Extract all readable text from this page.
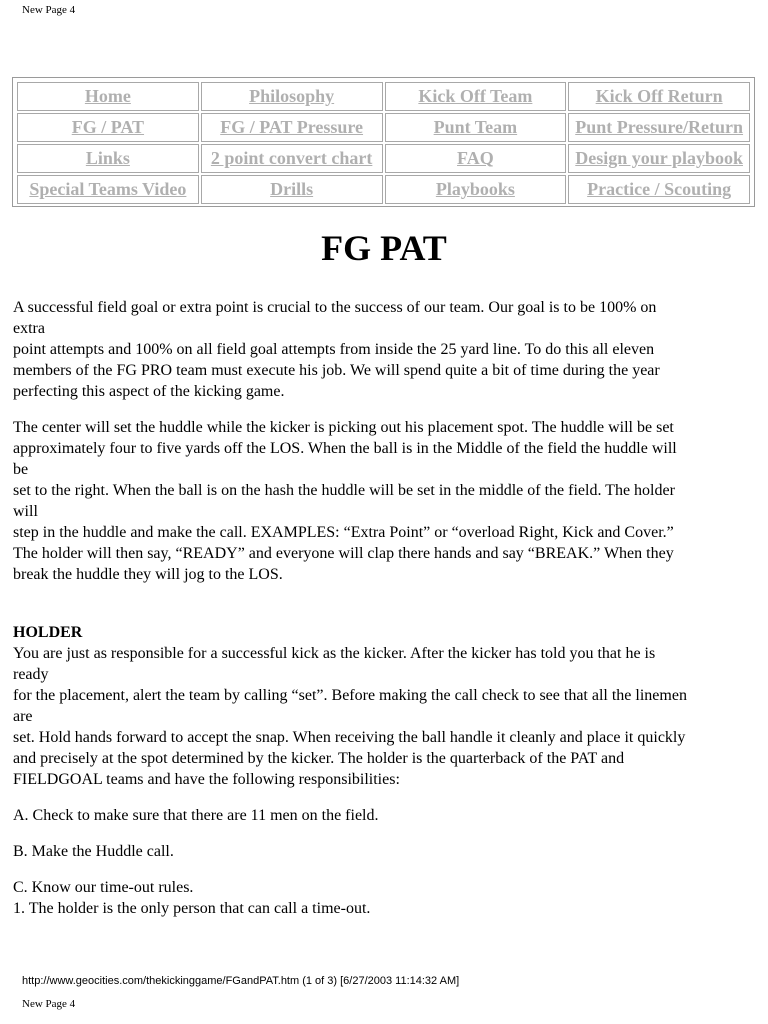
New Page 4
Home	Philosophy	Kick Off Team	Kick Off Return
FG / PAT	FG / PAT Pressure	Punt Team	Punt Pressure/Return
Links	2 point convert chart	FAQ	Design your playbook
Special Teams Video	Drills	Playbooks	Practice / Scouting
FG PAT

A successful field goal or extra point is crucial to the success of our team. Our goal is to be 100% on
extra
point attempts and 100% on all field goal attempts from inside the 25 yard line. To do this all eleven
members of the FG PRO team must execute his job. We will spend quite a bit of time during the year
perfecting this aspect of the kicking game.

The center will set the huddle while the kicker is picking out his placement spot. The huddle will be set
approximately four to five yards off the LOS. When the ball is in the Middle of the field the huddle will
be
set to the right. When the ball is on the hash the huddle will be set in the middle of the field. The holder
will
step in the huddle and make the call. EXAMPLES: “Extra Point” or “overload Right, Kick and Cover.”
The holder will then say, “READY” and everyone will clap there hands and say “BREAK.” When they
break the huddle they will jog to the LOS.

HOLDER

You are just as responsible for a successful kick as the kicker. After the kicker has told you that he is
ready
for the placement, alert the team by calling “set”. Before making the call check to see that all the linemen
are
set. Hold hands forward to accept the snap. When receiving the ball handle it cleanly and place it quickly
and precisely at the spot determined by the kicker. The holder is the quarterback of the PAT and
FIELDGOAL teams and have the following responsibilities:

A. Check to make sure that there are 11 men on the field.

B. Make the Huddle call.

C. Know our time-out rules.
1. The holder is the only person that can call a time-out.

http://www.geocities.com/thekickinggame/FGandPAT.htm (1 of 3) [6/27/2003 11:14:32 AM]
New Page 4
